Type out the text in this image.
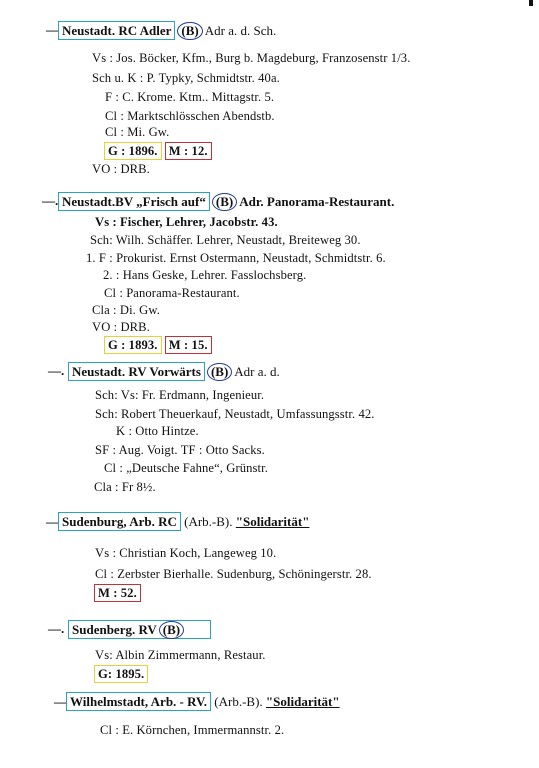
— Neustadt. RC Adler (B) Adr a. d. Sch.
Vs : Jos. Böcker, Kfm., Burg b. Magdeburg, Franzosenstr 1/3.
Sch u. K : P. Typky, Schmidtstr. 40a.
F : C. Krome. Ktm.. Mittagstr. 5.
Cl : Marktschlösschen Abendstb.
Cl : Mi. Gw.
G : 1896. M : 12.
VO : DRB.
—. Neustadt.BV „Frisch auf“ (B) Adr. Panorama-Restaurant.
Vs : Fischer, Lehrer, Jacobstr. 43.
Sch: Wilh. Schäffer. Lehrer, Neustadt, Breiteweg 30.
1. F : Prokurist. Ernst Ostermann, Neustadt, Schmidtstr. 6.
2. : Hans Geske, Lehrer. Fasslochsberg.
Cl : Panorama-Restaurant.
Cla : Di. Gw.
VO : DRB.
G : 1893. M : 15.
—. Neustadt. RV Vorwärts (B) Adr a. d.
Sch: Vs: Fr. Erdmann, Ingenieur.
Sch: Robert Theuerkauf, Neustadt, Umfassungsstr. 42.
K : Otto Hintze.
SF : Aug. Voigt. TF : Otto Sacks.
Cl : „Deutsche Fahne“, Grünstr.
Cla : Fr 8½.
— Sudenburg, Arb. RC (Arb.-B). "Solidarität"
Vs : Christian Koch, Langeweg 10.
Cl : Zerbster Bierhalle. Sudenburg, Schöningerstr. 28.
M : 52.
—. Sudenberg. RV (B)
Vs: Albin Zimmermann, Restaur.
G: 1895.
— Wilhelmstadt, Arb. - RV. (Arb.-B). "Solidarität"
Cl : E. Körnchen, Immermannstr. 2.
